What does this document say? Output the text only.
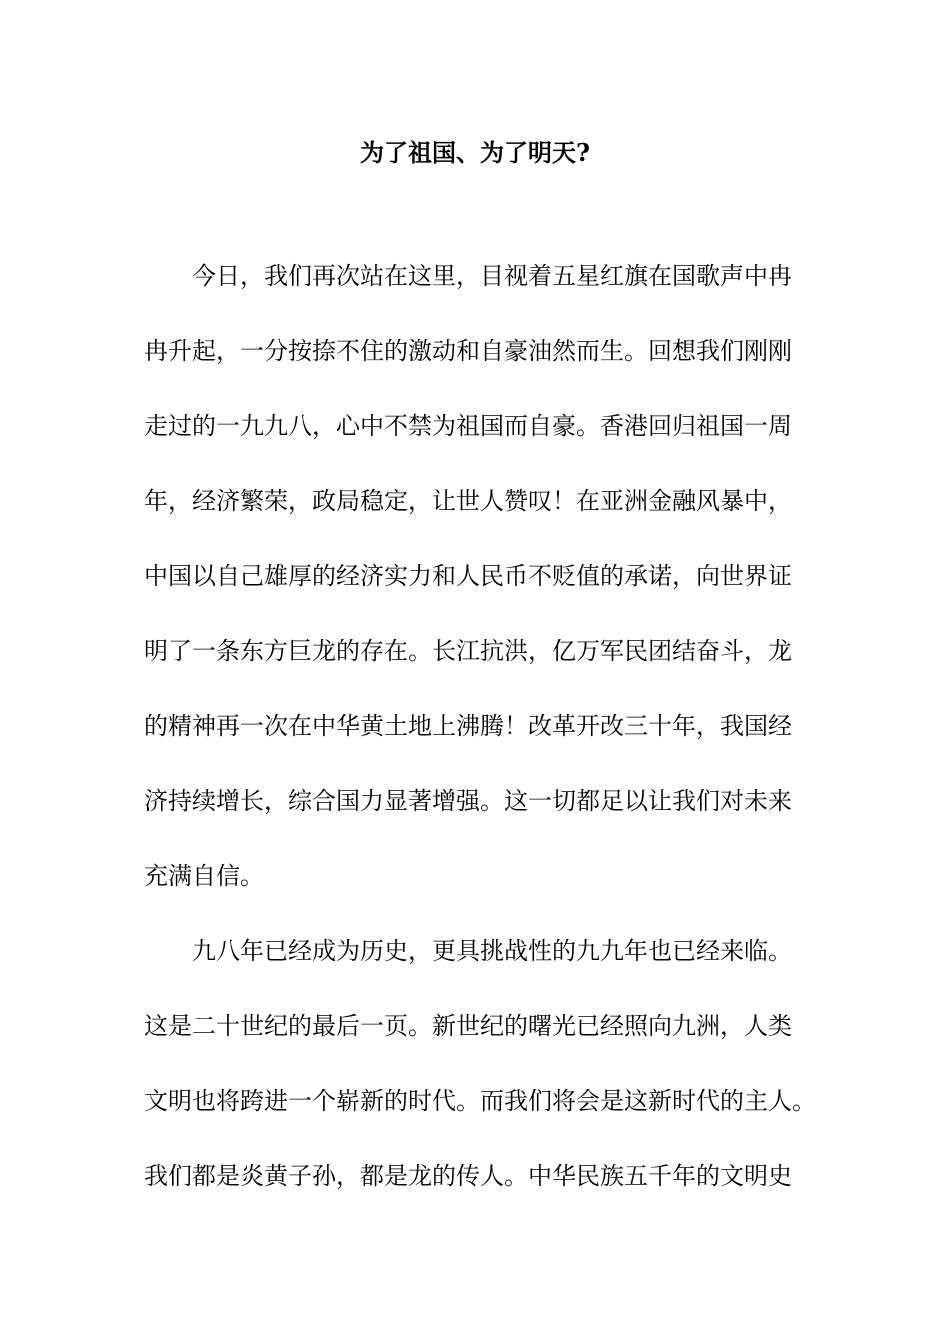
为了祖国、为了明天?

今日，我们再次站在这里，目视着五星红旗在国歌声中冉

冉升起，一分按捺不住的激动和自豪油然而生。回想我们刚刚

走过的一九九八，心中不禁为祖国而自豪。香港回归祖国一周

年，经济繁荣，政局稳定，让世人赞叹！在亚洲金融风暴中，

中国以自己雄厚的经济实力和人民币不贬值的承诺，向世界证

明了一条东方巨龙的存在。长江抗洪，亿万军民团结奋斗，龙

的精神再一次在中华黄土地上沸腾！改革开改三十年，我国经

济持续增长，综合国力显著增强。这一切都足以让我们对未来

充满自信。

九八年已经成为历史，更具挑战性的九九年也已经来临。

这是二十世纪的最后一页。新世纪的曙光已经照向九洲，人类

文明也将跨进一个崭新的时代。而我们将会是这新时代的主人。

我们都是炎黄子孙，都是龙的传人。中华民族五千年的文明史
